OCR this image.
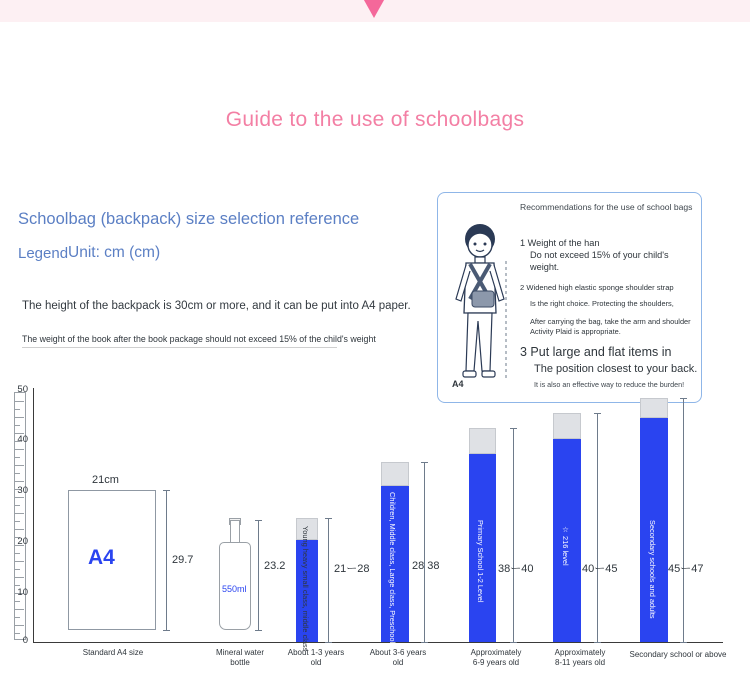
Guide to the use of schoolbags
Schoolbag (backpack) size selection reference
Legend Unit: cm (cm)
The height of the backpack is 30cm or more, and it can be put into A4 paper.
The weight of the book after the book package should not exceed 15% of the child's weight
A4
Recommendations for the use of school bags
1 Weight of the han
Do not exceed 15% of your child's weight.
2 Widened high elastic sponge shoulder strap
Is the right choice. Protecting the shoulders,
After carrying the bag, take the arm and shoulder Activity Plaid is appropriate.
3 Put large and flat items in
The position closest to your back.
It is also an effective way to reduce the burden!
50
40
30
20
10
0
21cm
A4	29.7
Standard A4 size
550ml
23.2
Mineral water
bottle
Young heavy small class, middle class 21ー28
About 1-3 years
old
Children, Middle class, Large class, Preschool class 28 38
About 3-6 years
old
Primary School 1-2 Level 38ー40
Approximately
6-9 years old
☆ 216 level
40ー45
Approximately
8-11 years old
Secondary schools and adults 45ー47
Secondary school or above
